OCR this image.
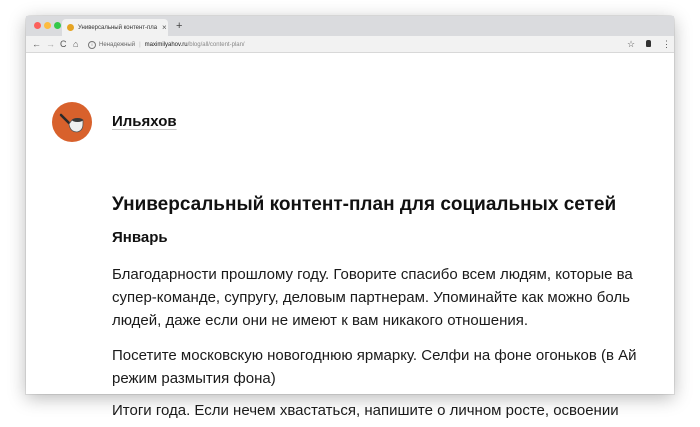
Универсальный контент-пла × +
← → C ⌂	i	Ненадежный | maximilyahov.ru /blog/all/content-plan/	☆	⋮
Ильяхов
Универсальный контент-план для социальных сетей
Январь

Благодарности прошлому году. Говорите спасибо всем людям, которые ва
супер-команде, супругу, деловым партнерам. Упоминайте как можно боль
людей, даже если они не имеют к вам никакого отношения.

Посетите московскую новогоднюю ярмарку. Селфи на фоне огоньков (в Ай
режим размытия фона)

Итоги года. Если нечем хвастаться, напишите о личном росте, освоении
